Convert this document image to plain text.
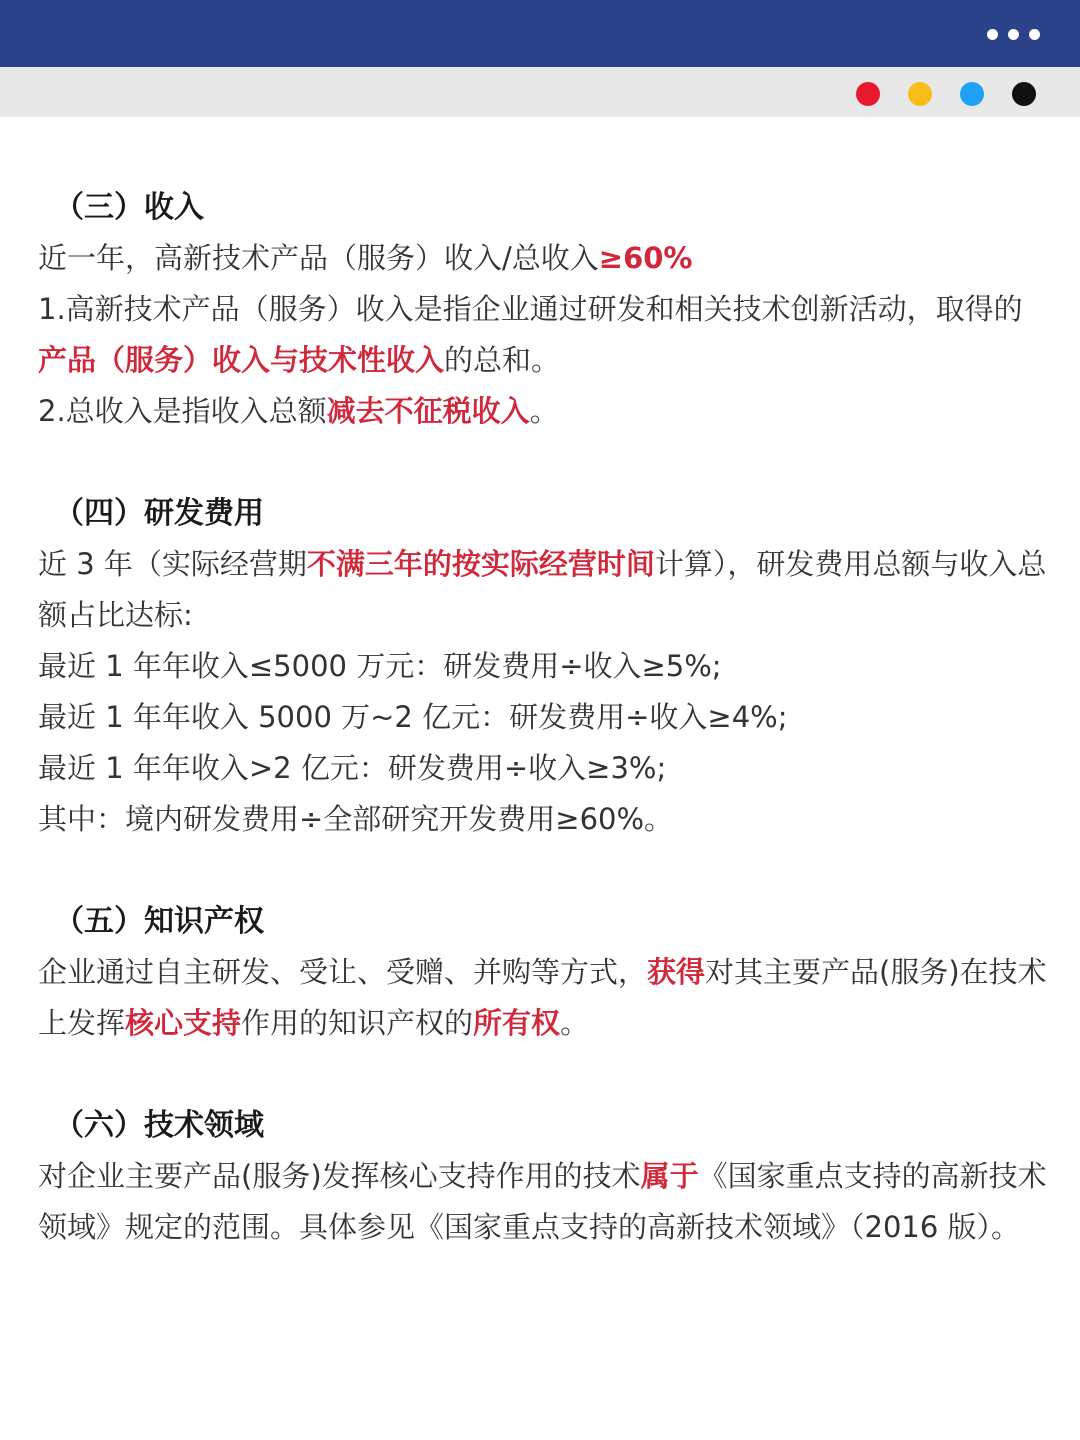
（三）收入

近一年，高新技术产品（服务）收入/总收入≥60%

1.高新技术产品（服务）收入是指企业通过研发和相关技术创新活动，取得的产品（服务）收入与技术性收入的总和。

2.总收入是指收入总额减去不征税收入。

（四）研发费用

近 3 年（实际经营期不满三年的按实际经营时间计算），研发费用总额与收入总额占比达标:

最近 1 年年收入≤5000 万元：研发费用÷收入≥5%;

最近 1 年年收入 5000 万~2 亿元：研发费用÷收入≥4%;

最近 1 年年收入>2 亿元：研发费用÷收入≥3%;

其中：境内研发费用÷全部研究开发费用≥60%。

（五）知识产权

企业通过自主研发、受让、受赠、并购等方式，获得对其主要产品(服务)在技术上发挥核心支持作用的知识产权的所有权。

（六）技术领域

对企业主要产品(服务)发挥核心支持作用的技术属于《国家重点支持的高新技术领域》规定的范围。具体参见《国家重点支持的高新技术领域》（2016 版）。
